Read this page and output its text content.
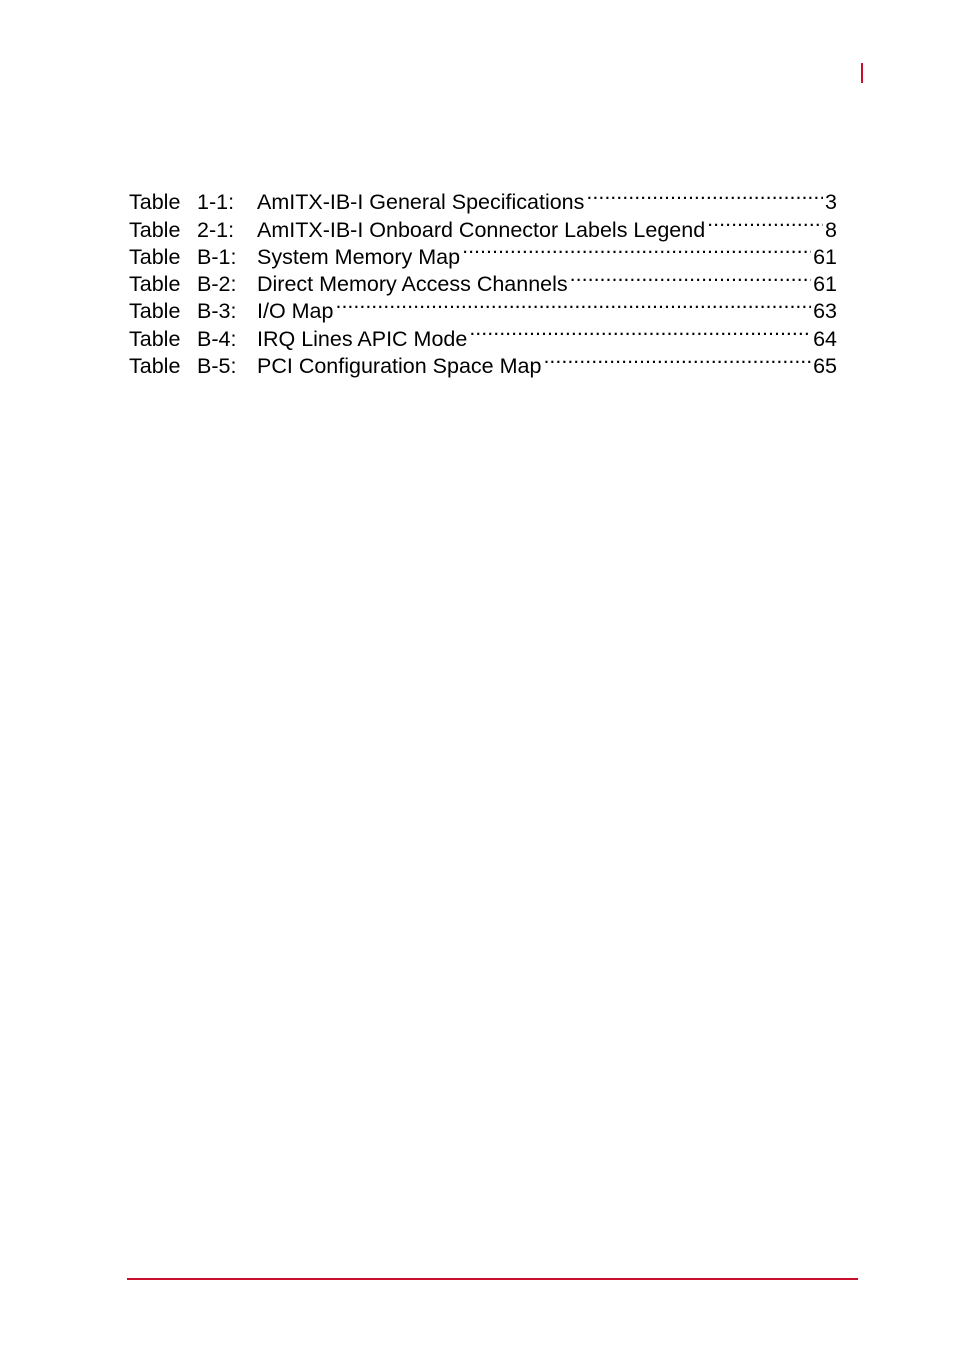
Table 1-1:	AmITX-IB-I General Specifications .....	3
Table 2-1:	AmITX-IB-I Onboard Connector Labels Legend .....	8
Table B-1: System Memory Map .....	61
Table B-2: Direct Memory Access Channels .....	61
Table B-3: I/O Map .....	63
Table B-4: IRQ Lines APIC Mode .....	64
Table B-5: PCI Configuration Space Map .....	65
